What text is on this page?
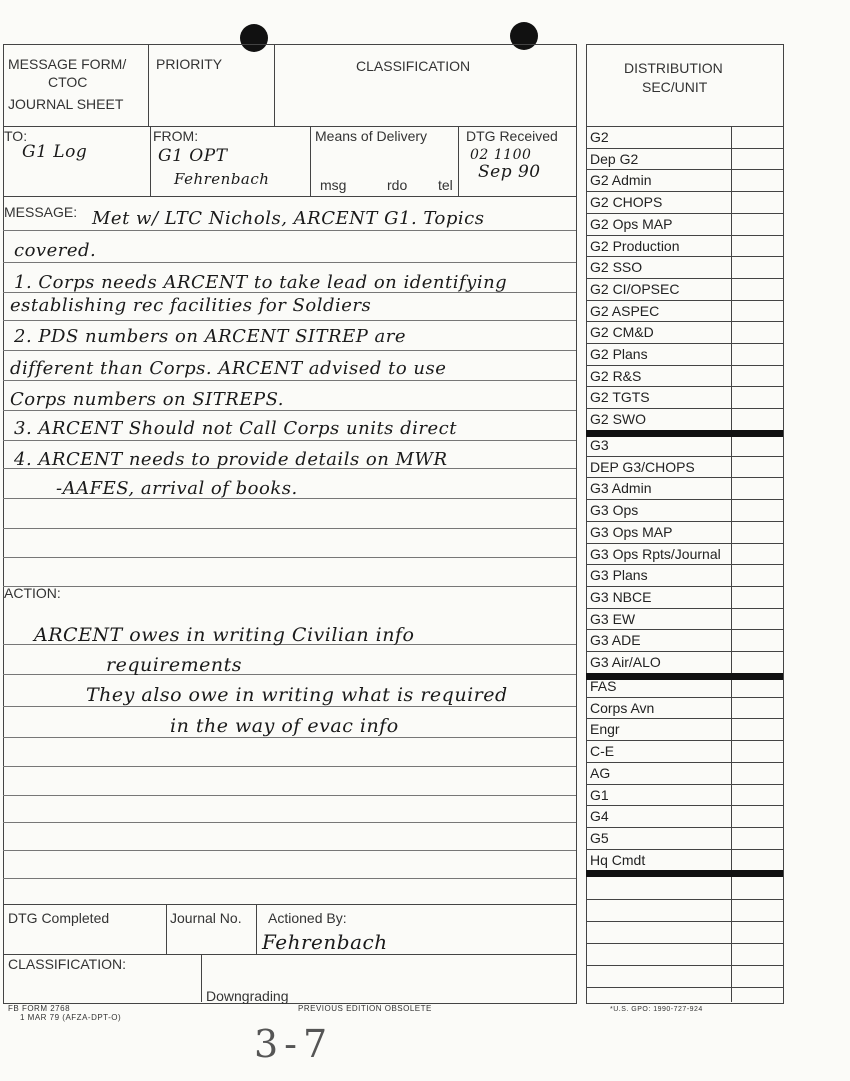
MESSAGE FORM/
CTOC
JOURNAL SHEET
PRIORITY	CLASSIFICATION
TO:
G1 Log
FROM:
G1 OPT
Fehrenbach
Means of Delivery
msg	rdo tel
DTG Received
02 1100
Sep 90
MESSAGE: Met w/ LTC Nichols, ARCENT G1. Topics
covered.
1. Corps needs ARCENT to take lead on identifying
establishing rec facilities for Soldiers
2. PDS numbers on ARCENT SITREP are
different than Corps. ARCENT advised to use
Corps numbers on SITREPS.
3. ARCENT Should not Call Corps units direct
4. ARCENT needs to provide details on MWR
-AAFES, arrival of books.
ACTION:
ARCENT owes in writing Civilian info
requirements
They also owe in writing what is required
in the way of evac info
DTG Completed	Journal No. Actioned By:
Fehrenbach
CLASSIFICATION:
Downgrading
FB FORM 2768
1 MAR 79 (AFZA-DPT-O)
PREVIOUS EDITION OBSOLETE	*U.S. GPO: 1990-727-924
3-7
DISTRIBUTION
SEC/UNIT
G2
Dep G2
G2 Admin
G2 CHOPS
G2 Ops MAP
G2 Production
G2 SSO
G2 CI/OPSEC
G2 ASPEC
G2 CM&D
G2 Plans
G2 R&S
G2 TGTS
G2 SWO
G3
DEP G3/CHOPS
G3 Admin
G3 Ops
G3 Ops MAP
G3 Ops Rpts/Journal
G3 Plans
G3 NBCE
G3 EW
G3 ADE
G3 Air/ALO
FAS
Corps Avn
Engr
C-E
AG
G1
G4
G5
Hq Cmdt
